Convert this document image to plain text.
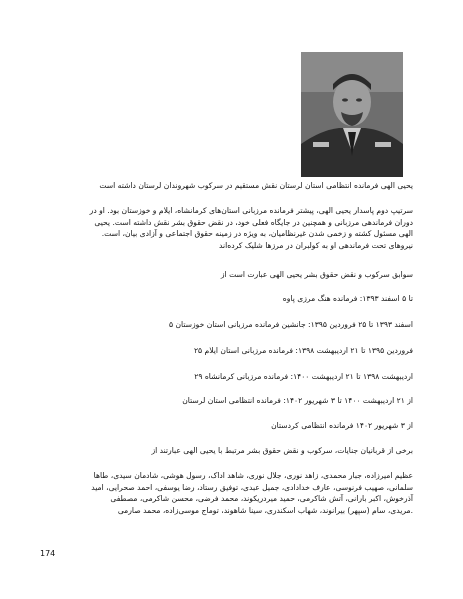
یحیی الهی فرمانده انتظامی استان لرستان نقش مستقیم در سرکوب شهروندان لرستان داشته است
سرتیپ دوم پاسدار یحیی الهی، پیشتر فرمانده مرزبانی استان‌های کرمانشاه، ایلام و خوزستان بود. او در
دوران فرماندهی مرزبانی و همچنین در جایگاه فعلی خود، در نقض حقوق بشر نقش داشته است. یحیی
الهی مسئول کشته و زخمی شدن غیرنظامیان، به ویژه در زمینه حقوق اجتماعی و آزادی بیان، است.
نیروهای تحت فرماندهی او به کولبران در مرزها شلیک کرده‌اند
سوابق سرکوب و نقض حقوق بشر یحیی الهی عبارت است از
تا ۵ اسفند ۱۳۹۳: فرمانده هنگ مرزی پاوه
اسفند ۱۳۹۳ تا ۲۵ فروردین ۱۳۹۵: جانشین فرمانده مرزبانی استان خوزستان ۵
فروردین ۱۳۹۵ تا ۲۱ اردیبهشت ۱۳۹۸: فرمانده مرزبانی استان ایلام ۲۵
اردیبهشت ۱۳۹۸ تا ۲۱ اردیبهشت ۱۴۰۰: فرمانده مرزبانی کرمانشاه ۲۹
از ۲۱ اردیبهشت ۱۴۰۰ تا ۳ شهریور ۱۴۰۲: فرمانده انتظامی استان لرستان
از ۳ شهریور ۱۴۰۲ فرمانده انتظامی کردستان
برخی از قربانیان جنایات، سرکوب و نقض حقوق بشر مرتبط با یحیی الهی عبارتند از
عظیم امیرزاده، جبار محمدی، زاهد نوری، جلال نوری، شاهد اداک، رسول هوشی، شادمان سیدی، طاها
سلمانی، صهیب فرنوسی، عارف خدادادی، جمیل عبدی، توفیق رستاد، رضا یوسفی، احمد صحرایی، امید
آذرخوش، اکبر بارانی، آتش شاکرمی، حمید میردریکوند، محمد فرضی، محسن شاکرمی، مصطفی
.مریدی، سام (سپهر) بیرانوند، شهاب اسکندری، سینا شاهوند، توماج موسی‌زاده، محمد صارمی
174
